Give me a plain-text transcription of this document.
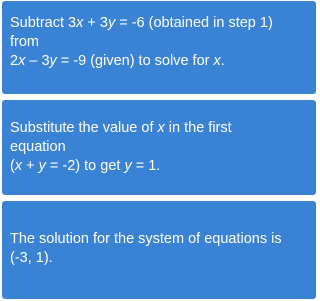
Subtract 3x + 3y = -6 (obtained in step 1)
from
2x – 3y = -9 (given) to solve for x.
Substitute the value of x in the first
equation
(x + y = -2) to get y = 1.
The solution for the system of equations is
(-3, 1).
